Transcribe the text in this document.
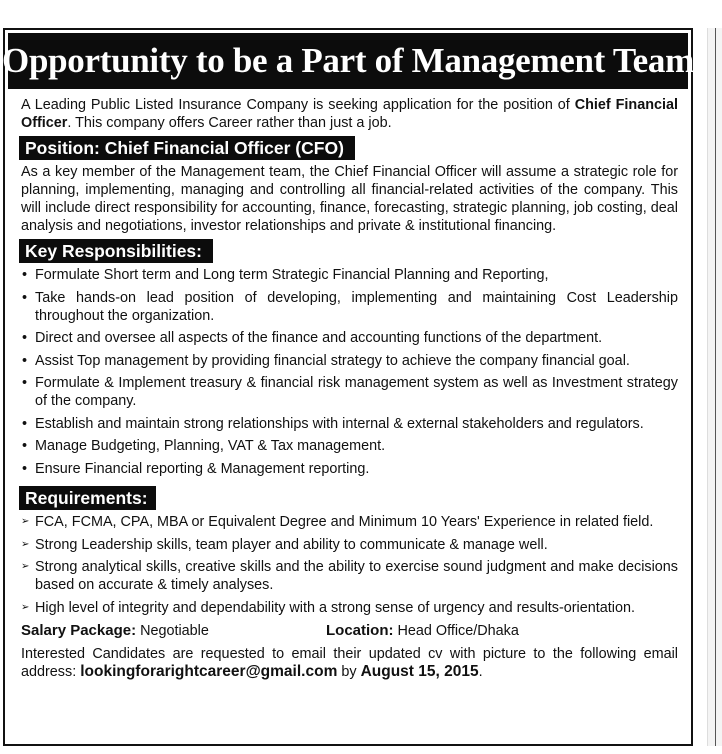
Opportunity to be a Part of Management Team

A Leading Public Listed Insurance Company is seeking application for the position of Chief Financial Officer. This company offers Career rather than just a job.

Position: Chief Financial Officer (CFO)

As a key member of the Management team, the Chief Financial Officer will assume a strategic role for planning, implementing, managing and controlling all financial-related activities of the company. This will include direct responsibility for accounting, finance, forecasting, strategic planning, job costing, deal analysis and negotiations, investor relationships and private & institutional financing.

Key Responsibilities:
• Formulate Short term and Long term Strategic Financial Planning and Reporting,
• Take hands-on lead position of developing, implementing and maintaining Cost Leadership throughout the organization.
• Direct and oversee all aspects of the finance and accounting functions of the department.
• Assist Top management by providing financial strategy to achieve the company financial goal.
• Formulate & Implement treasury & financial risk management system as well as Investment strategy of the company.
• Establish and maintain strong relationships with internal & external stakeholders and regulators.
• Manage Budgeting, Planning, VAT & Tax management.
• Ensure Financial reporting & Management reporting.
Requirements:
➢ FCA, FCMA, CPA, MBA or Equivalent Degree and Minimum 10 Years' Experience in related field.
➢ Strong Leadership skills, team player and ability to communicate & manage well.
➢ Strong analytical skills, creative skills and the ability to exercise sound judgment and make decisions based on accurate & timely analyses.
➢ High level of integrity and dependability with a strong sense of urgency and results-orientation.
Salary Package: Negotiable	Location: Head Office/Dhaka

Interested Candidates are requested to email their updated cv with picture to the following email address: lookingforarightcareer@gmail.com by August 15, 2015.
